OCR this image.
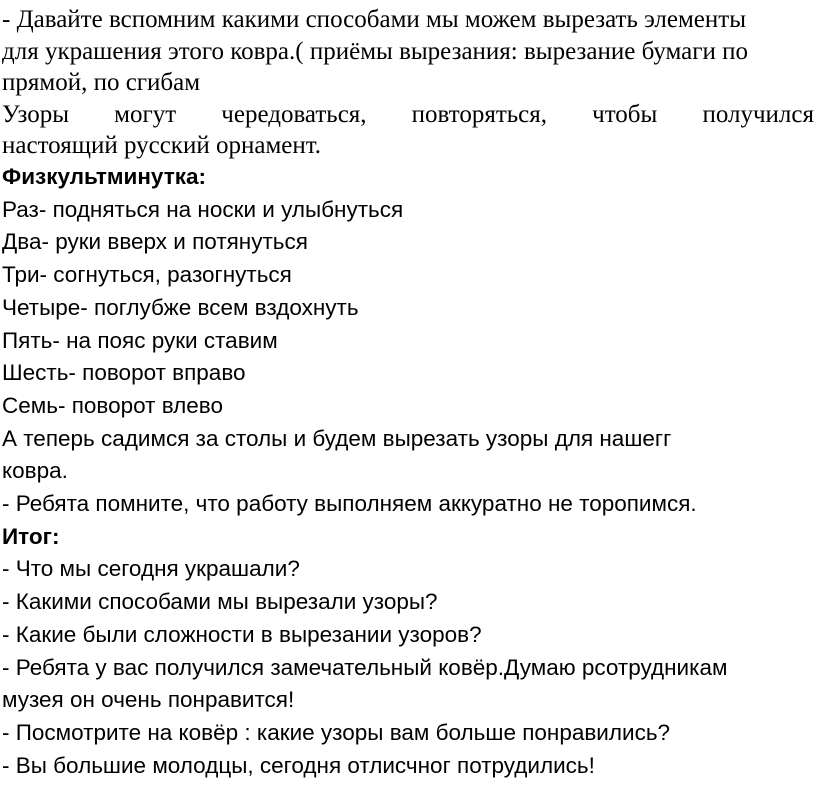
- Давайте вспомним какими способами мы можем вырезать элементы

для украшения этого ковра.( приёмы вырезания: вырезание бумаги по

прямой, по сгибам

Узоры могут чередоваться, повторяться, чтобы получился

настоящий русский орнамент.

Физкультминутка:

Раз- подняться на носки и улыбнуться

Два- руки вверх и потянуться

Три- согнуться, разогнуться

Четыре- поглубже всем вздохнуть

Пять- на пояс руки ставим

Шесть- поворот вправо

Семь- поворот влево

А теперь садимся за столы и будем вырезать узоры для нашегг

ковра.

- Ребята помните, что работу выполняем аккуратно не торопимся.

Итог:

- Что мы сегодня украшали?

- Какими способами мы вырезали узоры?

- Какие были сложности в вырезании узоров?

- Ребята у вас получился замечательный ковёр.Думаю рсотрудникам

музея он очень понравится!

- Посмотрите на ковёр : какие узоры вам больше понравились?

- Вы большие молодцы, сегодня отлисчног потрудились!
